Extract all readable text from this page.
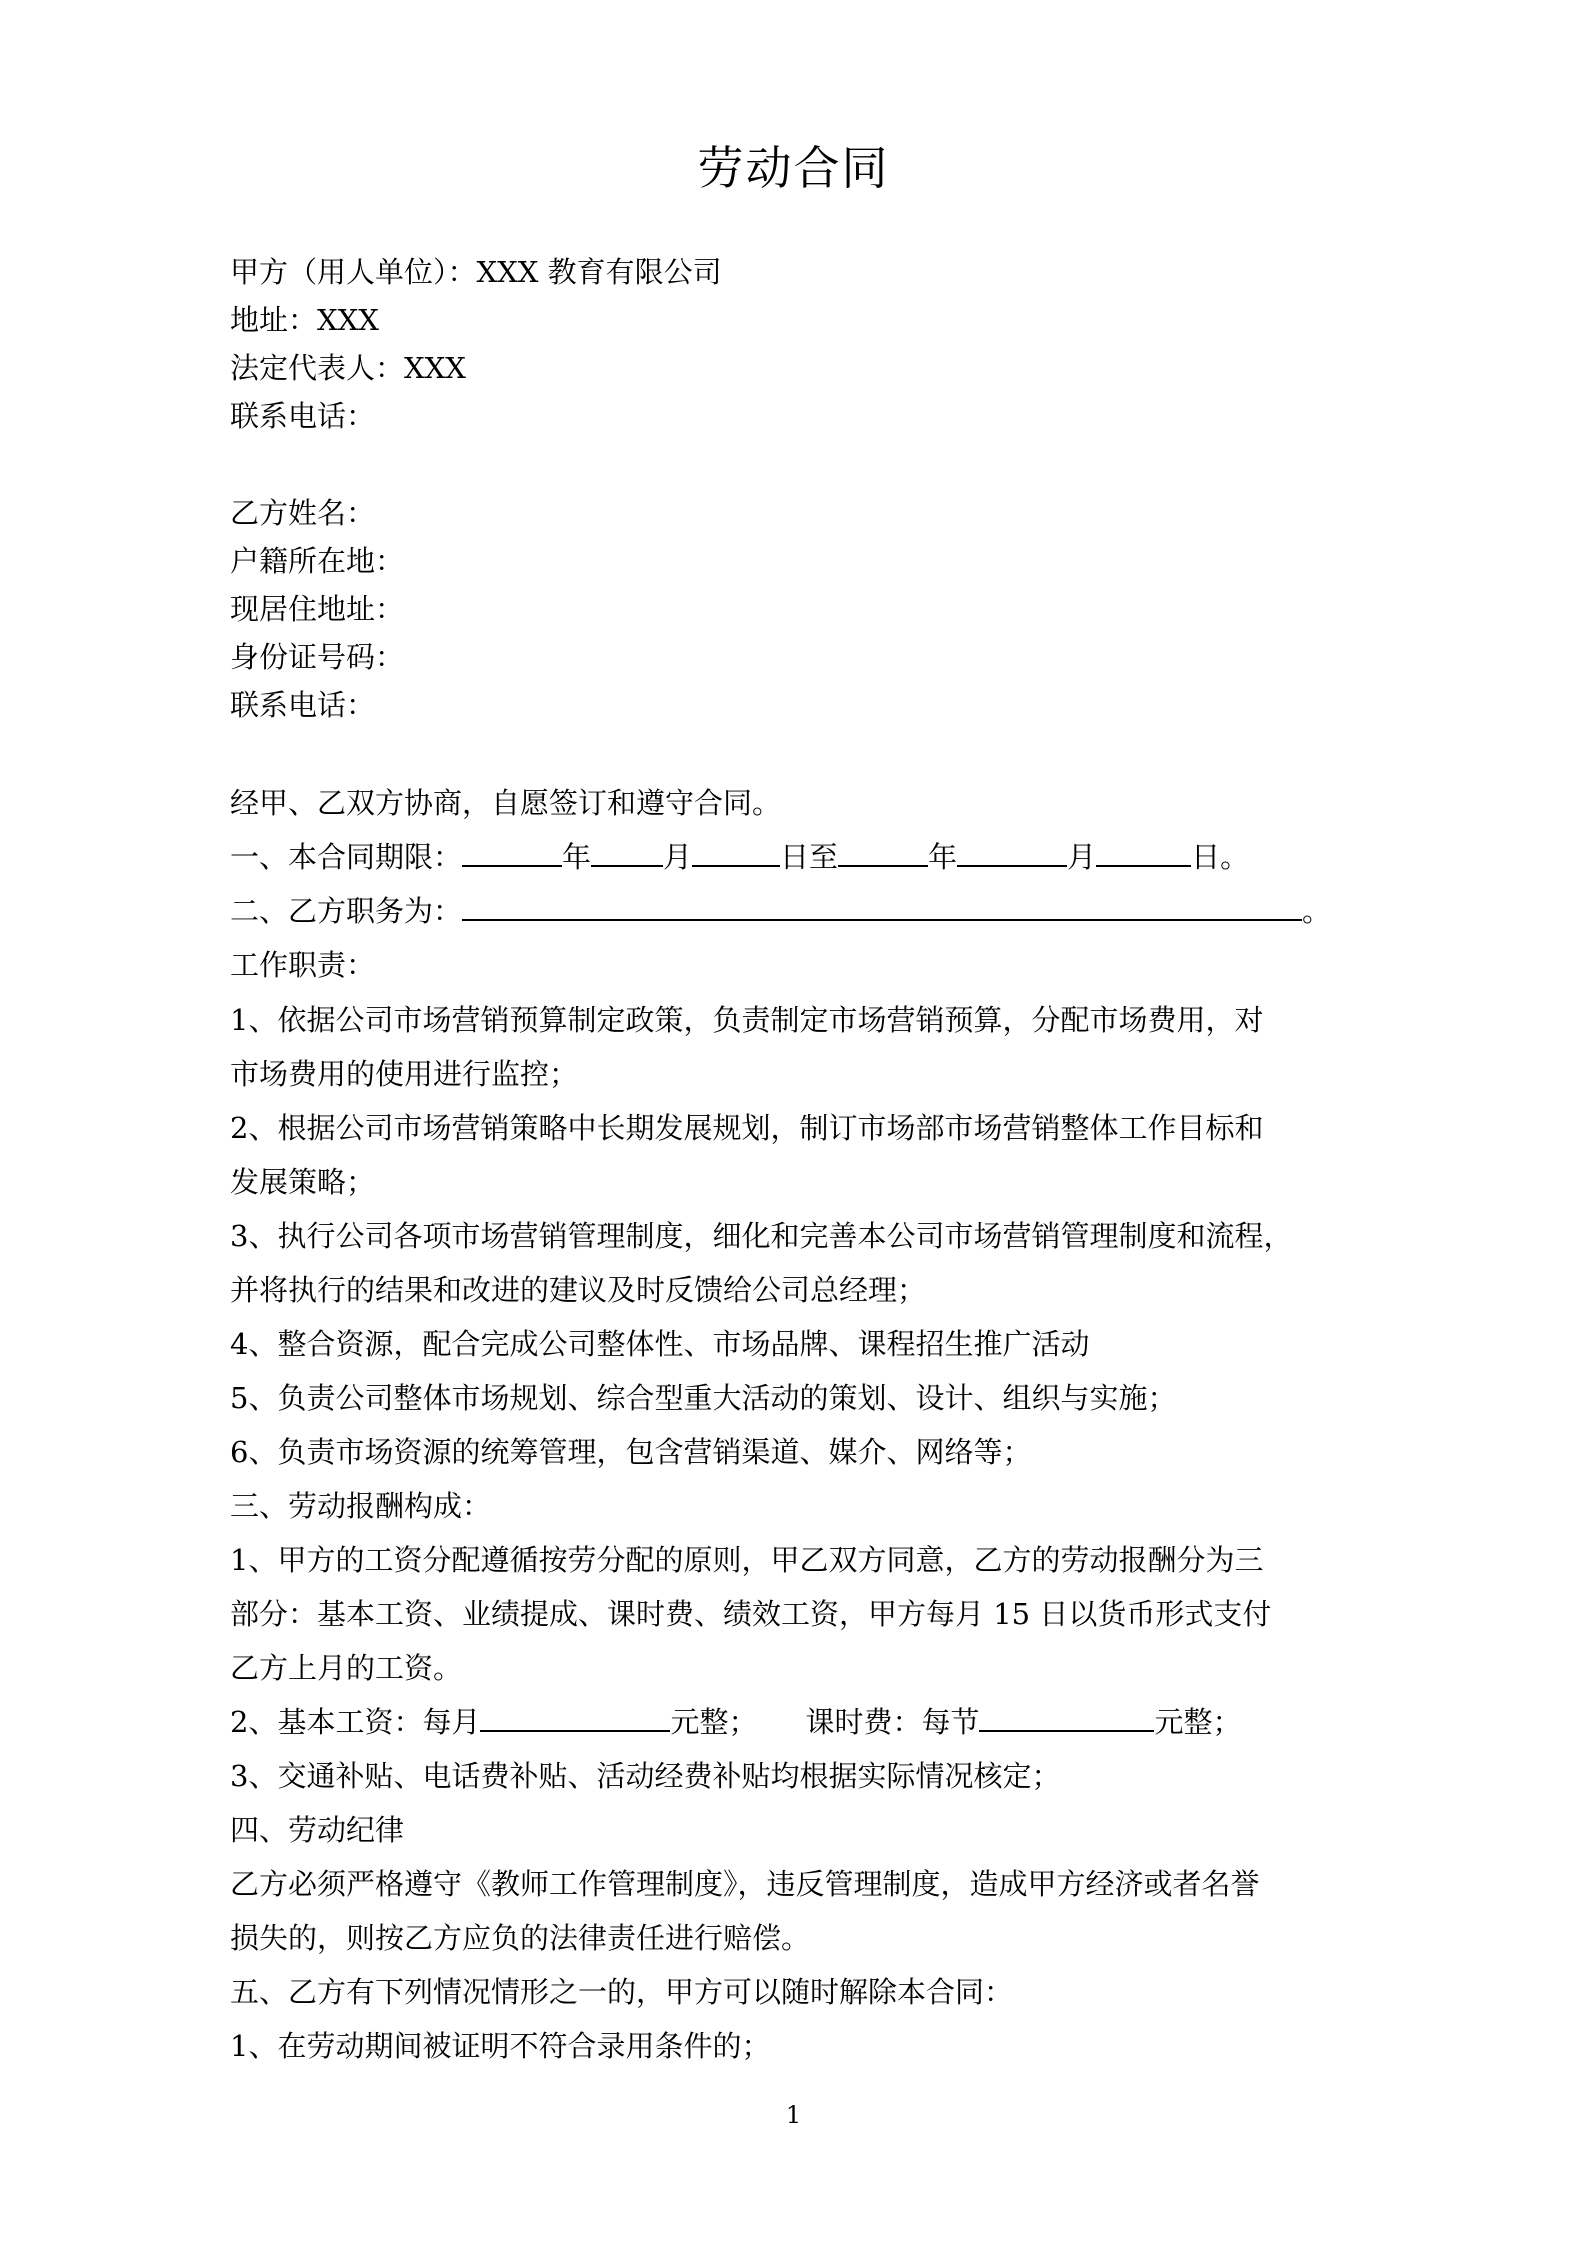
劳动合同
甲方（用人单位）：XXX 教育有限公司
地址：XXX
法定代表人：XXX
联系电话：
乙方姓名：
户籍所在地：
现居住地址：
身份证号码：
联系电话：
经甲、乙双方协商，自愿签订和遵守合同。
一、本合同期限：	年 月	日至	年	月	日。
二、乙方职务为：	。
工作职责：
1、依据公司市场营销预算制定政策，负责制定市场营销预算，分配市场费用，对
市场费用的使用进行监控；
2、根据公司市场营销策略中长期发展规划，制订市场部市场营销整体工作目标和
发展策略；
3、执行公司各项市场营销管理制度，细化和完善本公司市场营销管理制度和流程，
并将执行的结果和改进的建议及时反馈给公司总经理；
4、整合资源，配合完成公司整体性、市场品牌、课程招生推广活动
5、负责公司整体市场规划、综合型重大活动的策划、设计、组织与实施；
6、负责市场资源的统筹管理，包含营销渠道、媒介、网络等；
三、劳动报酬构成：
1、甲方的工资分配遵循按劳分配的原则，甲乙双方同意，乙方的劳动报酬分为三
部分：基本工资、业绩提成、课时费、绩效工资，甲方每月 15 日以货币形式支付
乙方上月的工资。
2、基本工资：每月	元整； 课时费：每节	元整；
3、交通补贴、电话费补贴、活动经费补贴均根据实际情况核定；
四、劳动纪律
乙方必须严格遵守《教师工作管理制度》，违反管理制度，造成甲方经济或者名誉
损失的，则按乙方应负的法律责任进行赔偿。
五、乙方有下列情况情形之一的，甲方可以随时解除本合同：
1、在劳动期间被证明不符合录用条件的；
1
